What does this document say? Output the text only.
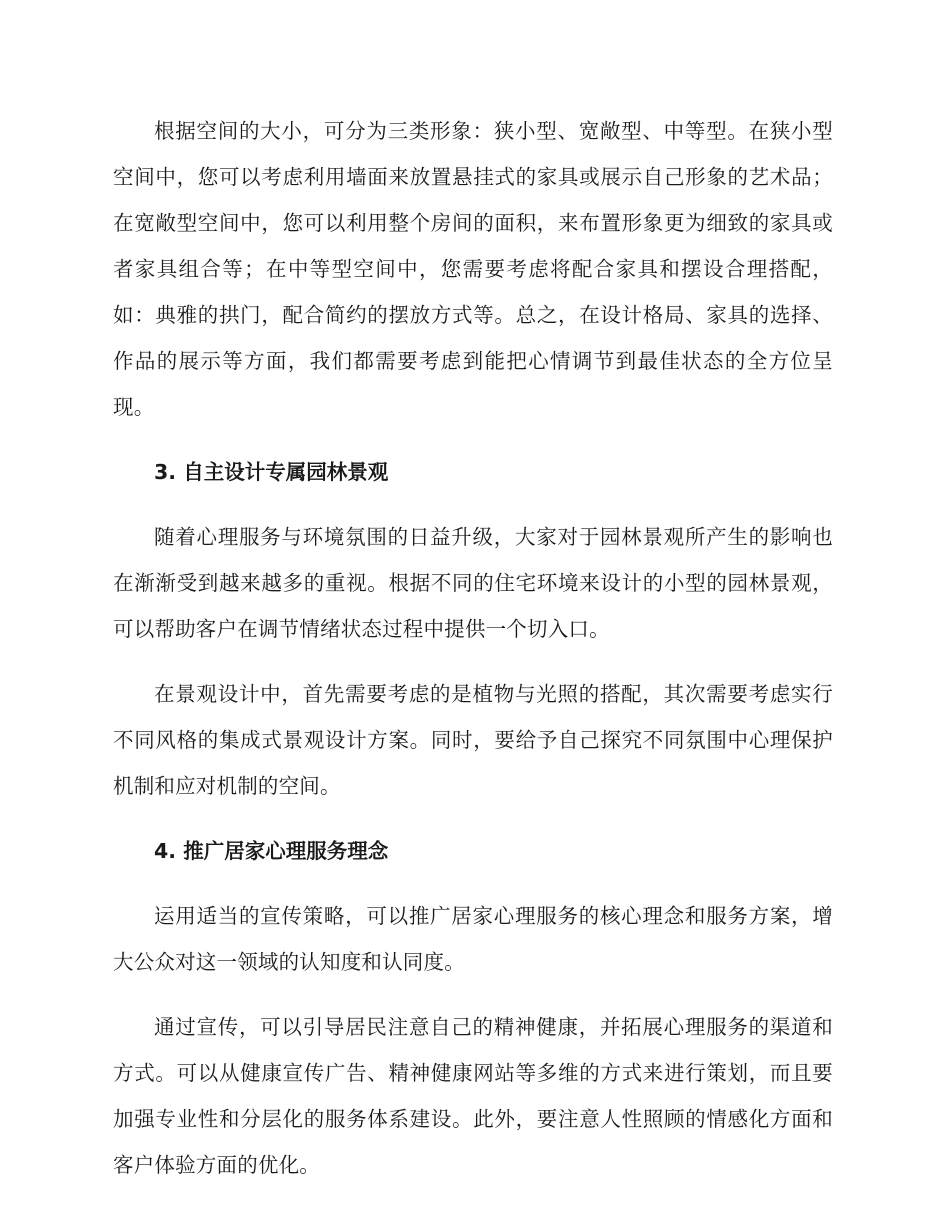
根据空间的大小，可分为三类形象：狭小型、宽敞型、中等型。在狭小型空间中，您可以考虑利用墙面来放置悬挂式的家具或展示自己形象的艺术品；在宽敞型空间中，您可以利用整个房间的面积，来布置形象更为细致的家具或者家具组合等；在中等型空间中，您需要考虑将配合家具和摆设合理搭配，如：典雅的拱门，配合简约的摆放方式等。总之，在设计格局、家具的选择、作品的展示等方面，我们都需要考虑到能把心情调节到最佳状态的全方位呈现。

3. 自主设计专属园林景观

随着心理服务与环境氛围的日益升级，大家对于园林景观所产生的影响也在渐渐受到越来越多的重视。根据不同的住宅环境来设计的小型的园林景观，可以帮助客户在调节情绪状态过程中提供一个切入口。

在景观设计中，首先需要考虑的是植物与光照的搭配，其次需要考虑实行不同风格的集成式景观设计方案。同时，要给予自己探究不同氛围中心理保护机制和应对机制的空间。

4. 推广居家心理服务理念

运用适当的宣传策略，可以推广居家心理服务的核心理念和服务方案，增大公众对这一领域的认知度和认同度。

通过宣传，可以引导居民注意自己的精神健康，并拓展心理服务的渠道和方式。可以从健康宣传广告、精神健康网站等多维的方式来进行策划，而且要加强专业性和分层化的服务体系建设。此外，要注意人性照顾的情感化方面和客户体验方面的优化。
